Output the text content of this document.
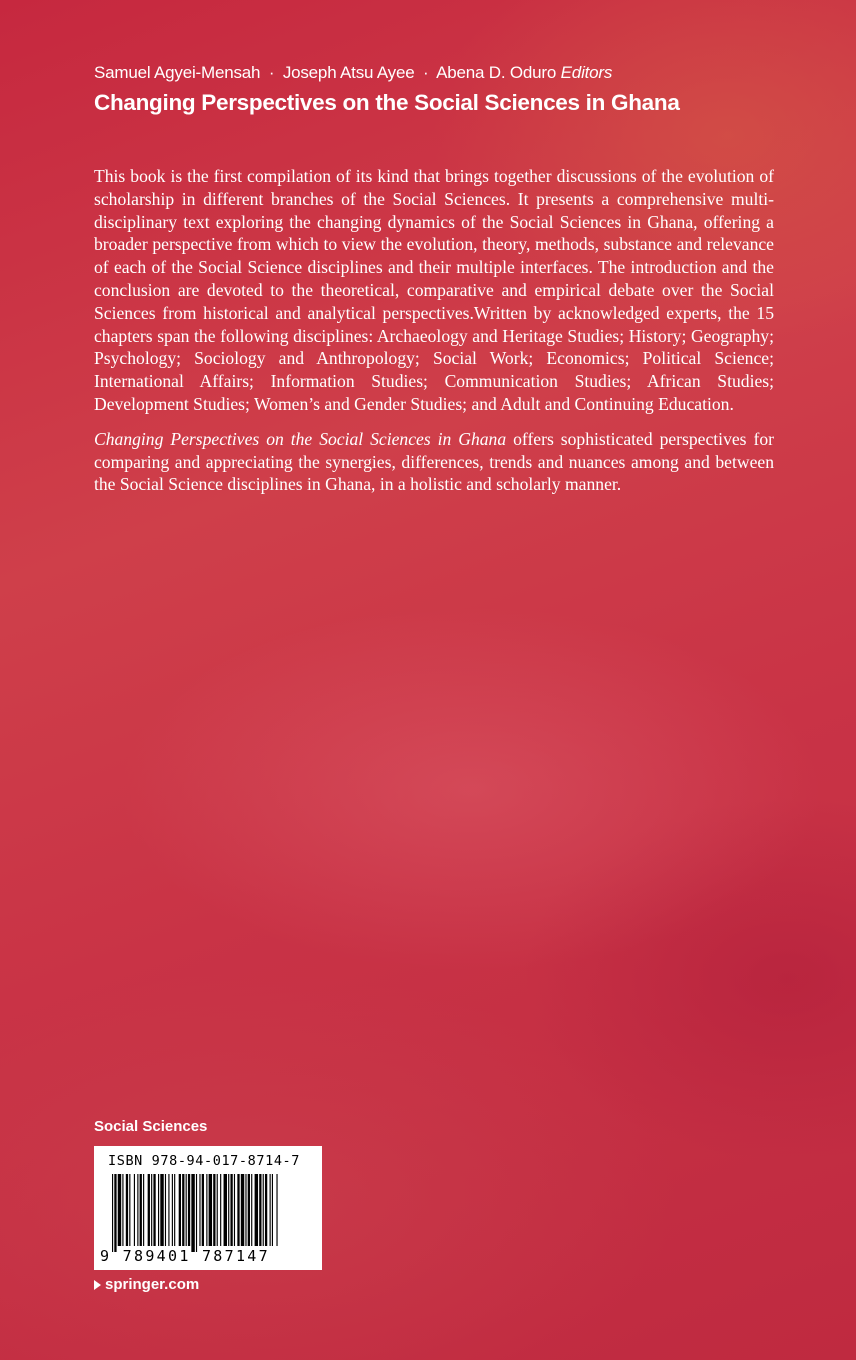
Samuel Agyei-Mensah · Joseph Atsu Ayee · Abena D. Oduro Editors
Changing Perspectives on the Social Sciences in Ghana

This book is the first compilation of its kind that brings together discussions of the evolution of scholarship in different branches of the Social Sciences. It presents a comprehensive multi-disciplinary text exploring the changing dynamics of the Social Sciences in Ghana, offering a broader perspective from which to view the evolution, theory, methods, substance and relevance of each of the Social Science disciplines and their multiple interfaces. The introduction and the conclusion are devoted to the theoretical, comparative and empirical debate over the Social Sciences from historical and analytical perspectives.Written by acknowledged experts, the 15 chapters span the following disciplines: Archaeology and Heritage Studies; History; Geography; Psychology; Sociology and Anthropology; Social Work; Economics; Political Science; International Affairs; Information Studies; Communication Studies; African Studies; Development Studies; Women’s and Gender Studies; and Adult and Continuing Education.

Changing Perspectives on the Social Sciences in Ghana offers sophisticated perspectives for comparing and appreciating the synergies, differences, trends and nuances among and between the Social Science disciplines in Ghana, in a holistic and scholarly manner.

Social Sciences
ISBN 978-94-017-8714-7
9 789401 787147
springer.com
